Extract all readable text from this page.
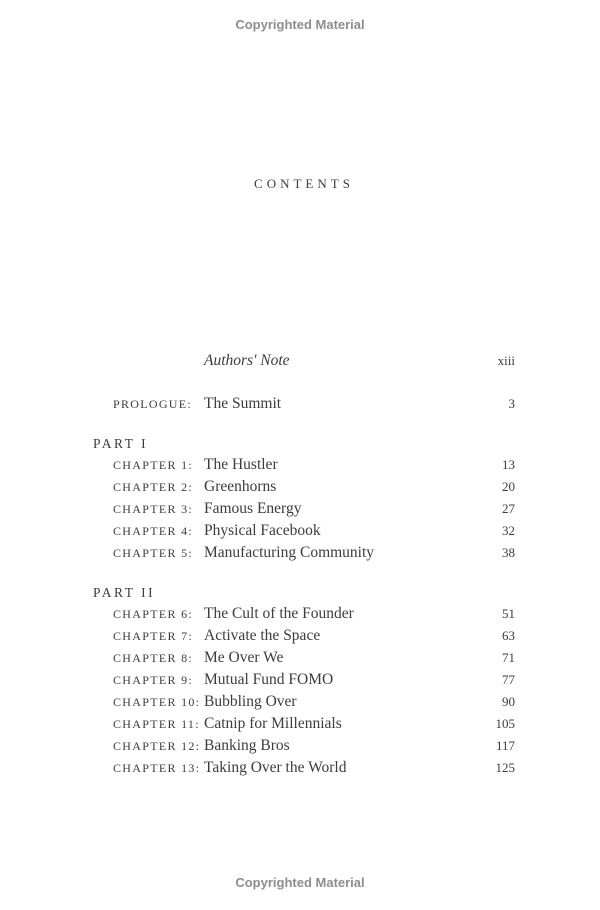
Copyrighted Material
CONTENTS
Authors' Note	xiii
PROLOGUE: The Summit	3
PART I
CHAPTER 1: The Hustler	13
CHAPTER 2: Greenhorns	20
CHAPTER 3: Famous Energy	27
CHAPTER 4: Physical Facebook	32
CHAPTER 5: Manufacturing Community	38
PART II
CHAPTER 6: The Cult of the Founder	51
CHAPTER 7: Activate the Space	63
CHAPTER 8: Me Over We	71
CHAPTER 9: Mutual Fund FOMO	77
CHAPTER 10: Bubbling Over	90
CHAPTER 11: Catnip for Millennials	105
CHAPTER 12: Banking Bros	117
CHAPTER 13: Taking Over the World	125
Copyrighted Material
